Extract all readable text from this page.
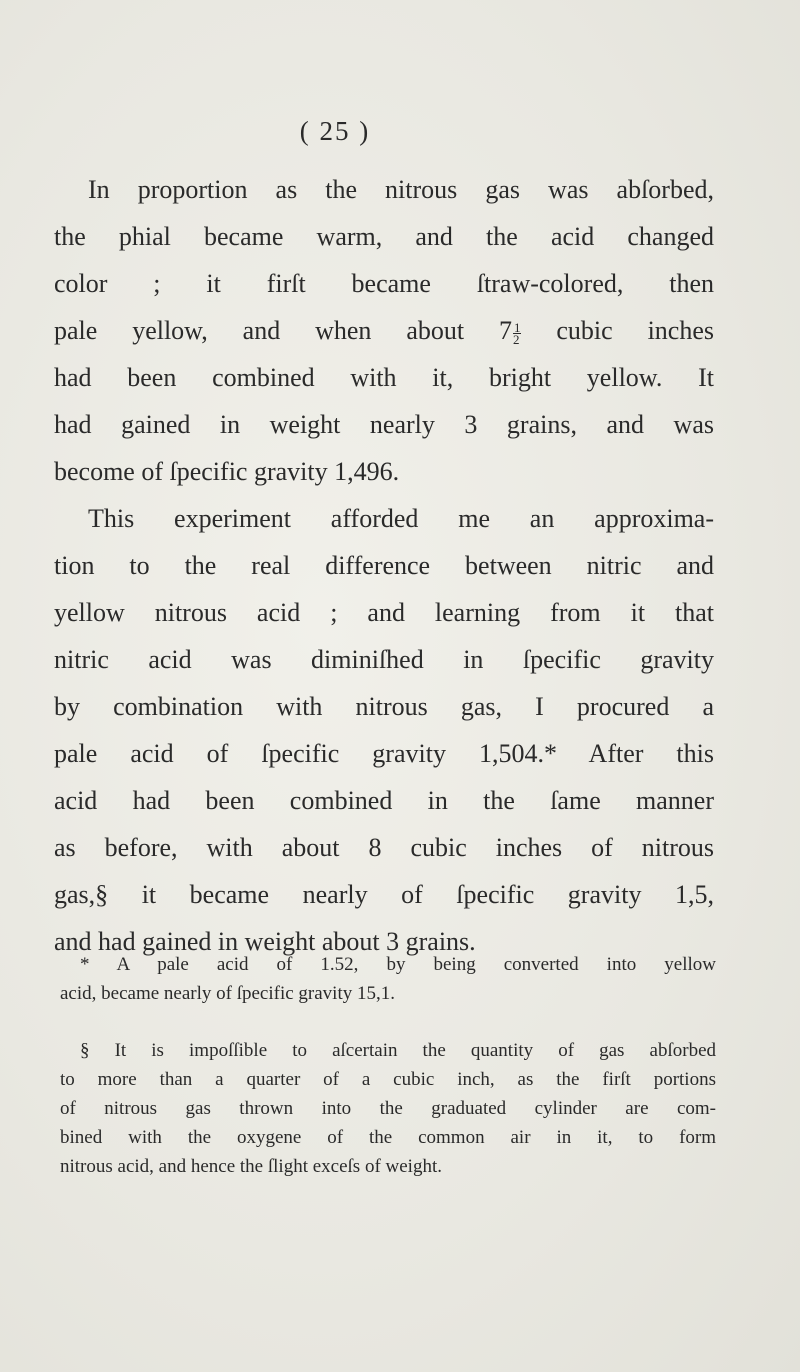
( 25 )
In proportion as the nitrous gas was abſorbed,
the phial became warm, and the acid changed
color ; it firſt became ſtraw-colored, then
pale yellow, and when about $7 \frac{1}{2}$ cubic inches
had been combined with it, bright yellow. It
had gained in weight nearly 3 grains, and was
become of ſpecific gravity 1,496.
This experiment afforded me an approxima-
tion to the real difference between nitric and
yellow nitrous acid ; and learning from it that
nitric acid was diminiſhed in ſpecific gravity
by combination with nitrous gas, I procured a
pale acid of ſpecific gravity 1,504.* After this
acid had been combined in the ſame manner
as before, with about 8 cubic inches of nitrous
gas,§ it became nearly of ſpecific gravity 1,5,
and had gained in weight about 3 grains.
* A pale acid of 1.52, by being converted into yellow
acid, became nearly of ſpecific gravity 15,1.
§ It is impoſſible to aſcertain the quantity of gas abſorbed
to more than a quarter of a cubic inch, as the firſt portions
of nitrous gas thrown into the graduated cylinder are com-
bined with the oxygene of the common air in it, to form
nitrous acid, and hence the ſlight exceſs of weight.
